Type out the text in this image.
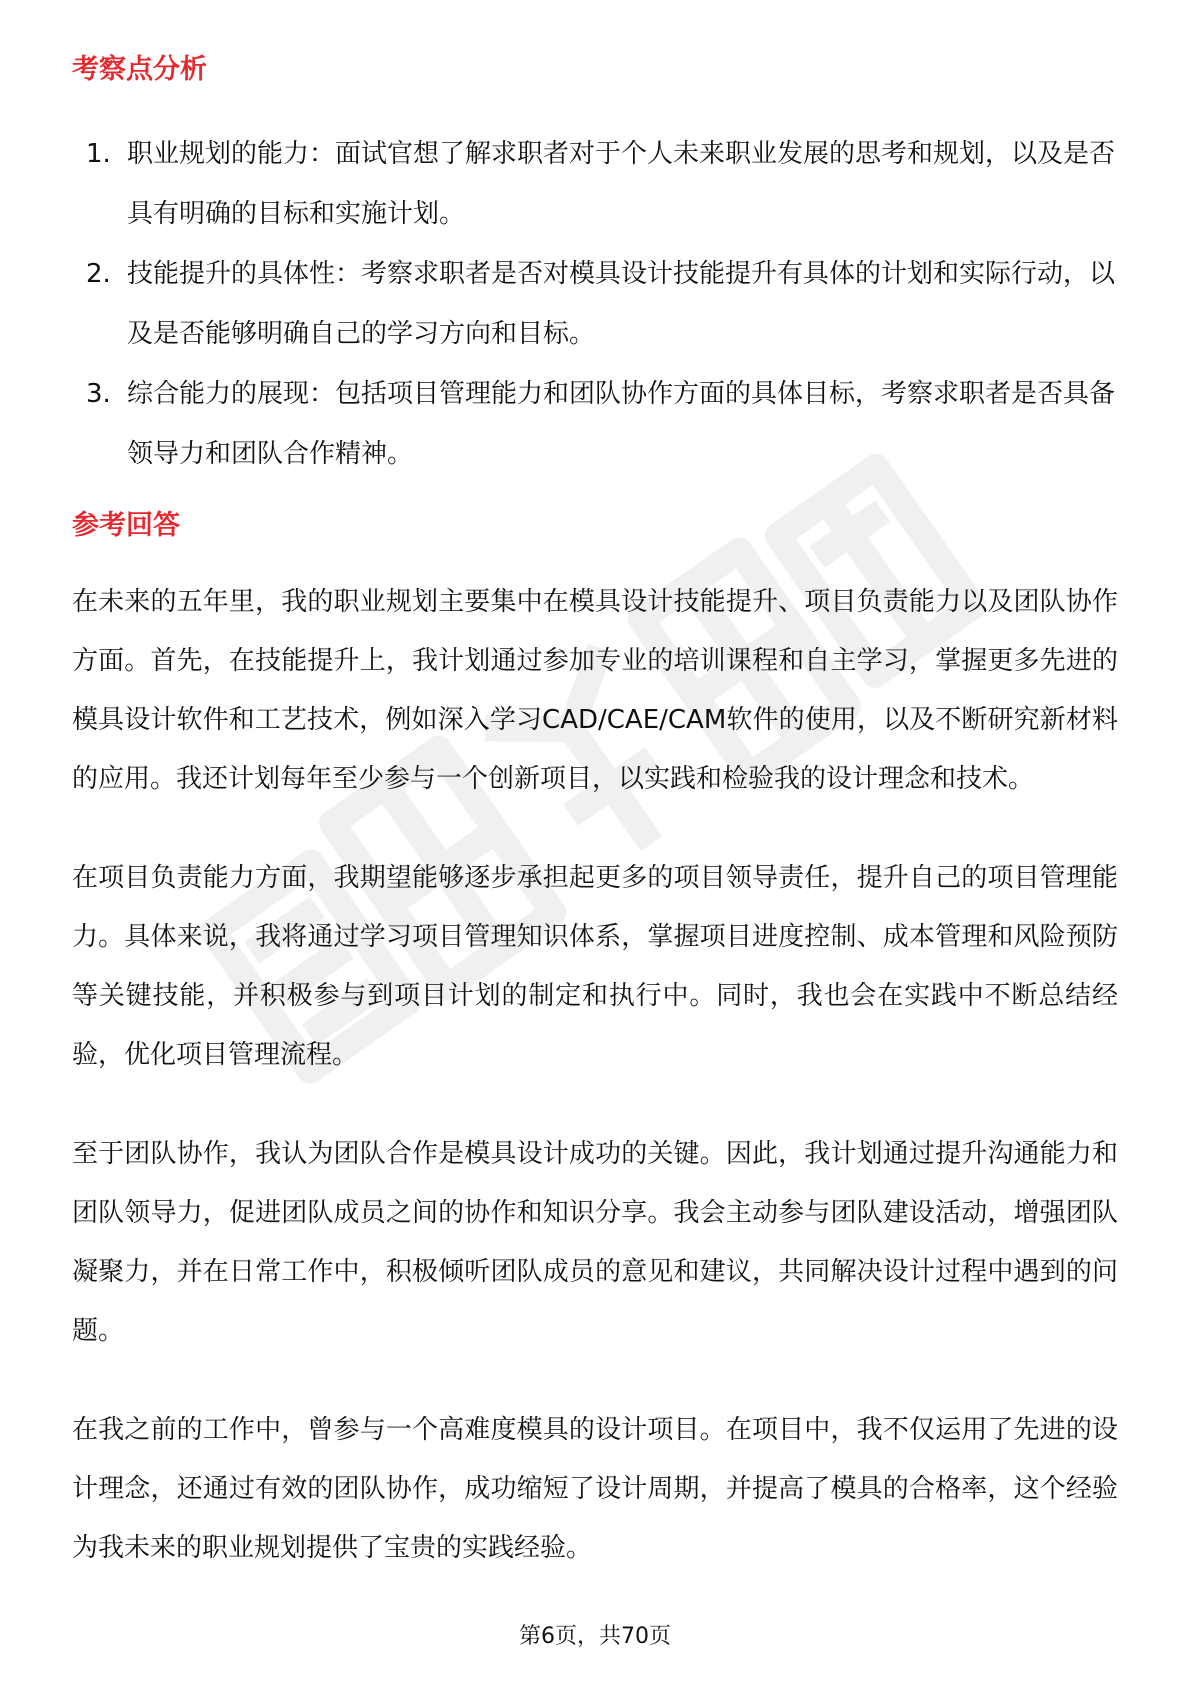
考察点分析
1. 职业规划的能力：面试官想了解求职者对于个人未来职业发展的思考和规划，以及是否具有明确的目标和实施计划。
2. 技能提升的具体性：考察求职者是否对模具设计技能提升有具体的计划和实际行动，以及是否能够明确自己的学习方向和目标。
3. 综合能力的展现：包括项目管理能力和团队协作方面的具体目标，考察求职者是否具备领导力和团队合作精神。
参考回答

在未来的五年里，我的职业规划主要集中在模具设计技能提升、项目负责能力以及团队协作方面。首先，在技能提升上，我计划通过参加专业的培训课程和自主学习，掌握更多先进的模具设计软件和工艺技术，例如深入学习CAD/CAE/CAM软件的使用，以及不断研究新材料的应用。我还计划每年至少参与一个创新项目，以实践和检验我的设计理念和技术。

在项目负责能力方面，我期望能够逐步承担起更多的项目领导责任，提升自己的项目管理能力。具体来说，我将通过学习项目管理知识体系，掌握项目进度控制、成本管理和风险预防等关键技能，并积极参与到项目计划的制定和执行中。同时，我也会在实践中不断总结经验，优化项目管理流程。

至于团队协作，我认为团队合作是模具设计成功的关键。因此，我计划通过提升沟通能力和团队领导力，促进团队成员之间的协作和知识分享。我会主动参与团队建设活动，增强团队凝聚力，并在日常工作中，积极倾听团队成员的意见和建议，共同解决设计过程中遇到的问题。

在我之前的工作中，曾参与一个高难度模具的设计项目。在项目中，我不仅运用了先进的设计理念，还通过有效的团队协作，成功缩短了设计周期，并提高了模具的合格率，这个经验为我未来的职业规划提供了宝贵的实践经验。

第6页，共70页
